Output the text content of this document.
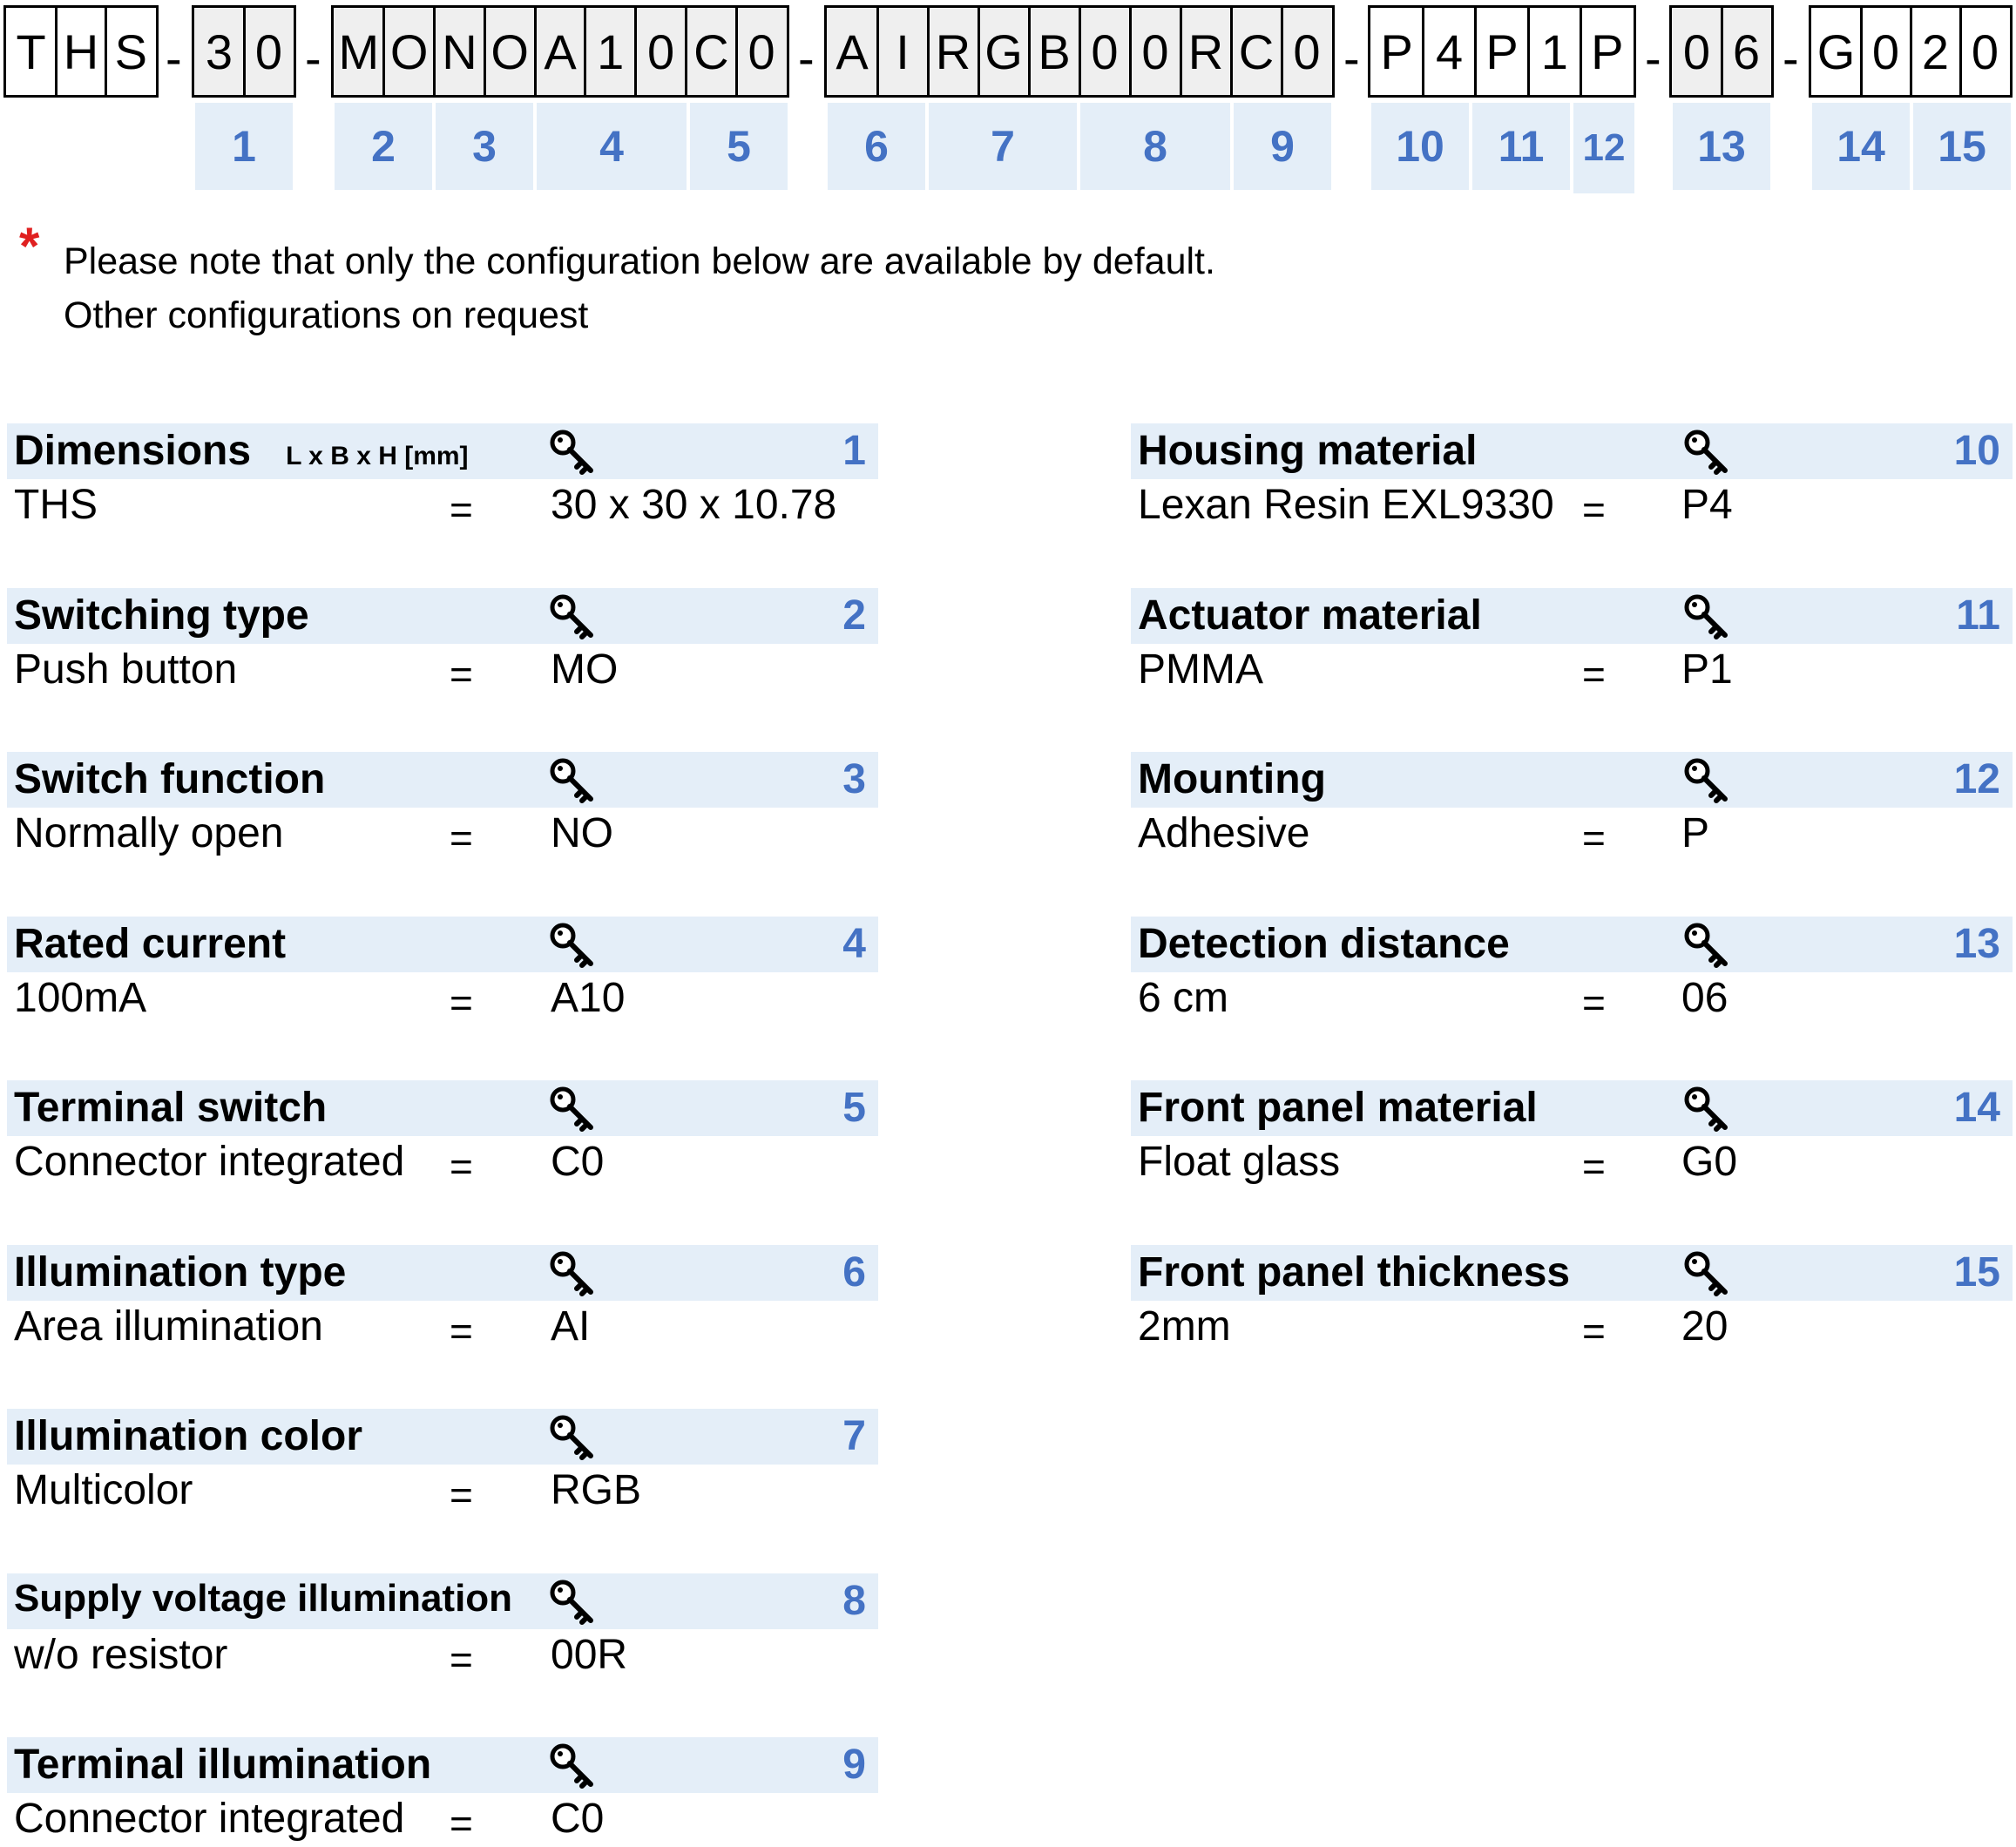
T H S - 3 0 - M O N O A 1 0 C 0 - A I R G B 0 0 R C 0 - P 4 P 1 P - 0 6 - G 0 2 0
1	2	3	4	5	6	7	8	9	10	11	12	13	14	15
* Please note that only the configuration below are available by default.
Other configurations on request
Dimensions L x B x H [mm]	1
THS	= 30 x 30 x 10.78
Switching type	2
Push button	= MO
Switch function	3
Normally open	= NO
Rated current	4
100mA	= A10
Terminal switch	5
Connector integrated = C0
Illumination type	6
Area illumination	= AI
Illumination color	7
Multicolor	= RGB
Supply voltage illumination	8
w/o resistor	= 00R
Terminal illumination	9
Connector integrated = C0
Housing material	10
Lexan Resin EXL9330 = P4
Actuator material	11
PMMA	= P1
Mounting	12
Adhesive	= P
Detection distance	13
6 cm	= 06
Front panel material	14
Float glass	= G0
Front panel thickness	15
2mm	= 20
